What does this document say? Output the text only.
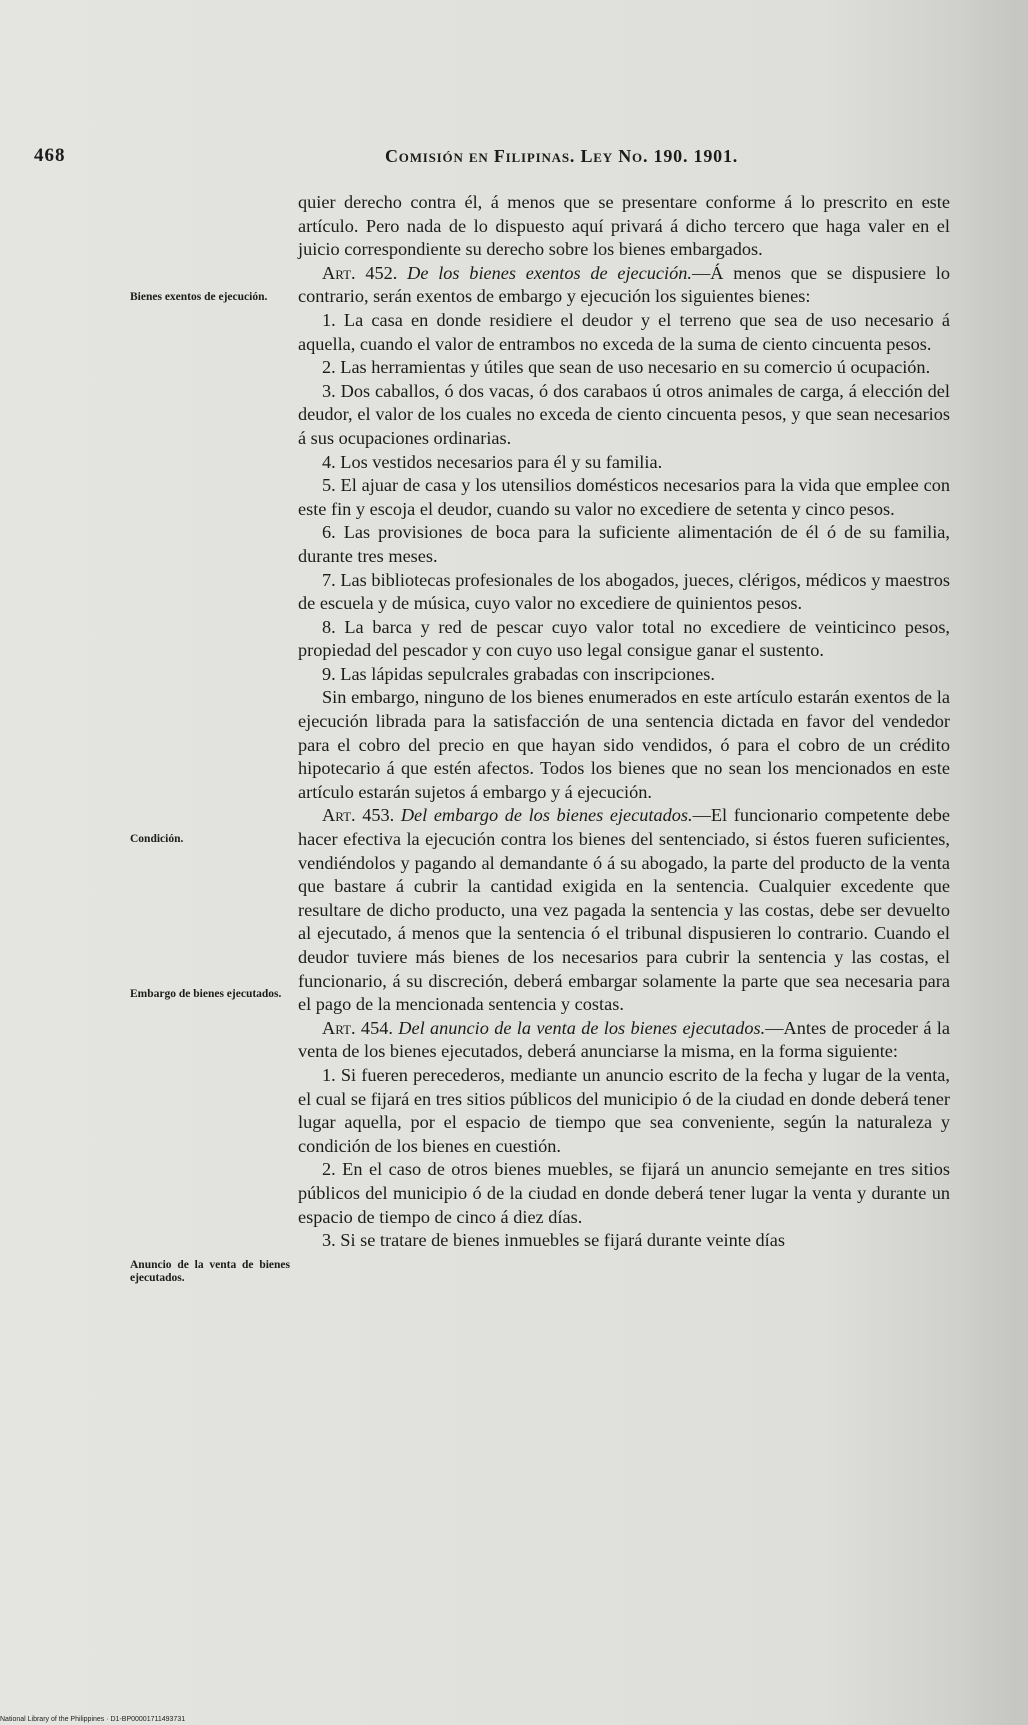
468	Comisión en Filipinas. Ley No. 190. 1901.
Bienes exentos de ejecución.
Condición.
Embargo de bienes ejecutados.
Anuncio de la venta de bienes ejecutados.

quier derecho contra él, á menos que se presentare conforme á lo prescrito en este artículo. Pero nada de lo dispuesto aquí privará á dicho tercero que haga valer en el juicio correspondiente su derecho sobre los bienes embargados.

Art. 452. De los bienes exentos de ejecución.—Á menos que se dispusiere lo contrario, serán exentos de embargo y ejecución los siguientes bienes:

1. La casa en donde residiere el deudor y el terreno que sea de uso necesario á aquella, cuando el valor de entrambos no exceda de la suma de ciento cincuenta pesos.

2. Las herramientas y útiles que sean de uso necesario en su comercio ú ocupación.

3. Dos caballos, ó dos vacas, ó dos carabaos ú otros animales de carga, á elección del deudor, el valor de los cuales no exceda de ciento cincuenta pesos, y que sean necesarios á sus ocupaciones ordinarias.

4. Los vestidos necesarios para él y su familia.

5. El ajuar de casa y los utensilios domésticos necesarios para la vida que emplee con este fin y escoja el deudor, cuando su valor no excediere de setenta y cinco pesos.

6. Las provisiones de boca para la suficiente alimentación de él ó de su familia, durante tres meses.

7. Las bibliotecas profesionales de los abogados, jueces, clérigos, médicos y maestros de escuela y de música, cuyo valor no excediere de quinientos pesos.

8. La barca y red de pescar cuyo valor total no excediere de veinticinco pesos, propiedad del pescador y con cuyo uso legal consigue ganar el sustento.

9. Las lápidas sepulcrales grabadas con inscripciones.

Sin embargo, ninguno de los bienes enumerados en este artículo estarán exentos de la ejecución librada para la satisfacción de una sentencia dictada en favor del vendedor para el cobro del precio en que hayan sido vendidos, ó para el cobro de un crédito hipotecario á que estén afectos. Todos los bienes que no sean los mencionados en este artículo estarán sujetos á embargo y á ejecución.

Art. 453. Del embargo de los bienes ejecutados.—El funcionario competente debe hacer efectiva la ejecución contra los bienes del sentenciado, si éstos fueren suficientes, vendiéndolos y pagando al demandante ó á su abogado, la parte del producto de la venta que bastare á cubrir la cantidad exigida en la sentencia. Cualquier excedente que resultare de dicho producto, una vez pagada la sentencia y las costas, debe ser devuelto al ejecutado, á menos que la sentencia ó el tribunal dispusieren lo contrario. Cuando el deudor tuviere más bienes de los necesarios para cubrir la sentencia y las costas, el funcionario, á su discreción, deberá embargar solamente la parte que sea necesaria para el pago de la mencionada sentencia y costas.

Art. 454. Del anuncio de la venta de los bienes ejecutados.—Antes de proceder á la venta de los bienes ejecutados, deberá anunciarse la misma, en la forma siguiente:

1. Si fueren perecederos, mediante un anuncio escrito de la fecha y lugar de la venta, el cual se fijará en tres sitios públicos del municipio ó de la ciudad en donde deberá tener lugar aquella, por el espacio de tiempo que sea conveniente, según la naturaleza y condición de los bienes en cuestión.

2. En el caso de otros bienes muebles, se fijará un anuncio semejante en tres sitios públicos del municipio ó de la ciudad en donde deberá tener lugar la venta y durante un espacio de tiempo de cinco á diez días.

3. Si se tratare de bienes inmuebles se fijará durante veinte días

National Library of the Philippines · D1-BP00001711493731
